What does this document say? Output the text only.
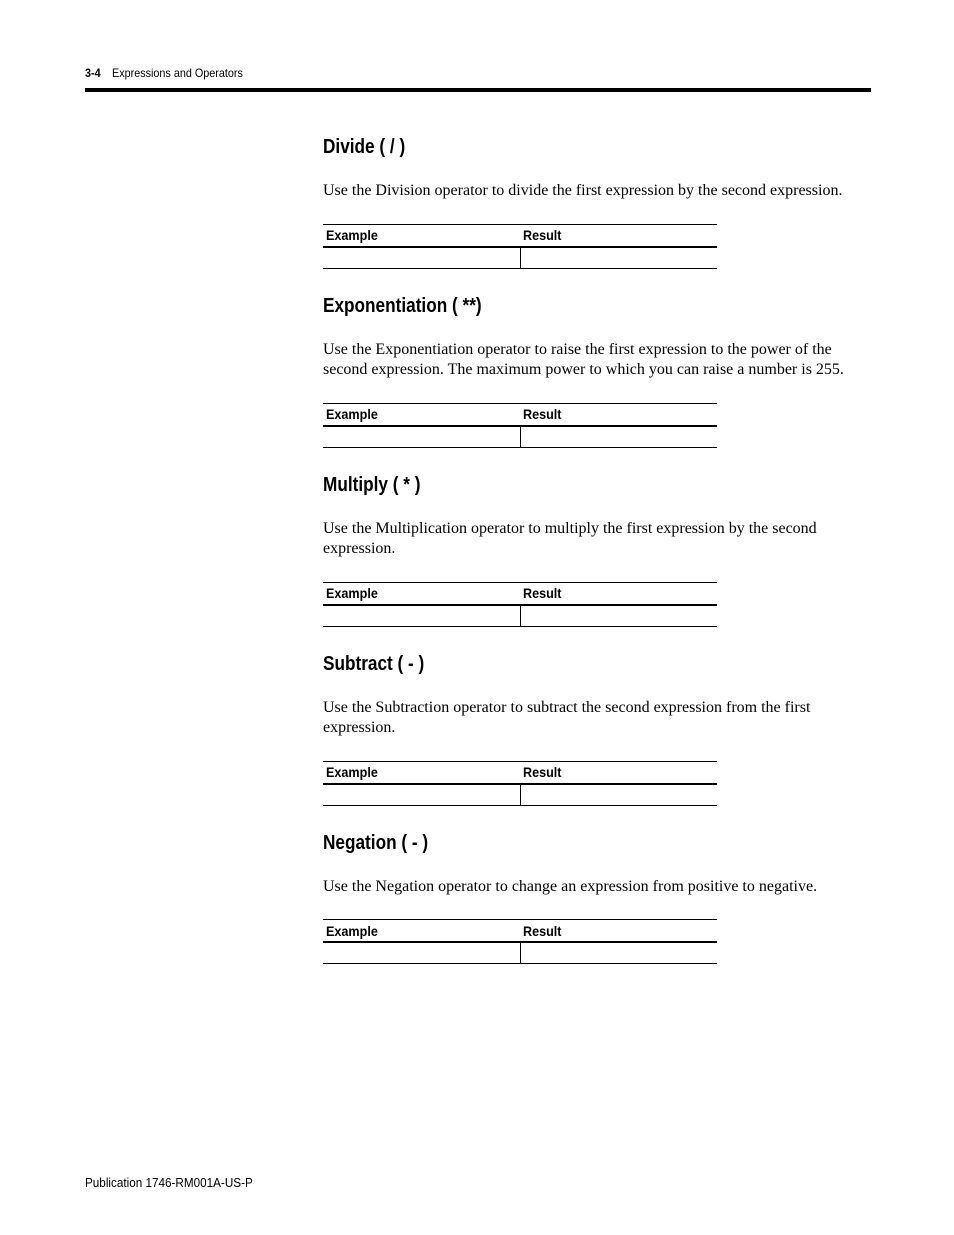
3-4 Expressions and Operators
Divide ( / )

Use the Division operator to divide the first expression by the second expression.

Example	Result

Exponentiation ( **)

Use the Exponentiation operator to raise the first expression to the power of the second expression. The maximum power to which you can raise a number is 255.

Example	Result

Multiply ( * )

Use the Multiplication operator to multiply the first expression by the second expression.

Example	Result

Subtract ( - )

Use the Subtraction operator to subtract the second expression from the first expression.

Example	Result

Negation ( - )

Use the Negation operator to change an expression from positive to negative.

Example	Result

Publication 1746-RM001A-US-P
